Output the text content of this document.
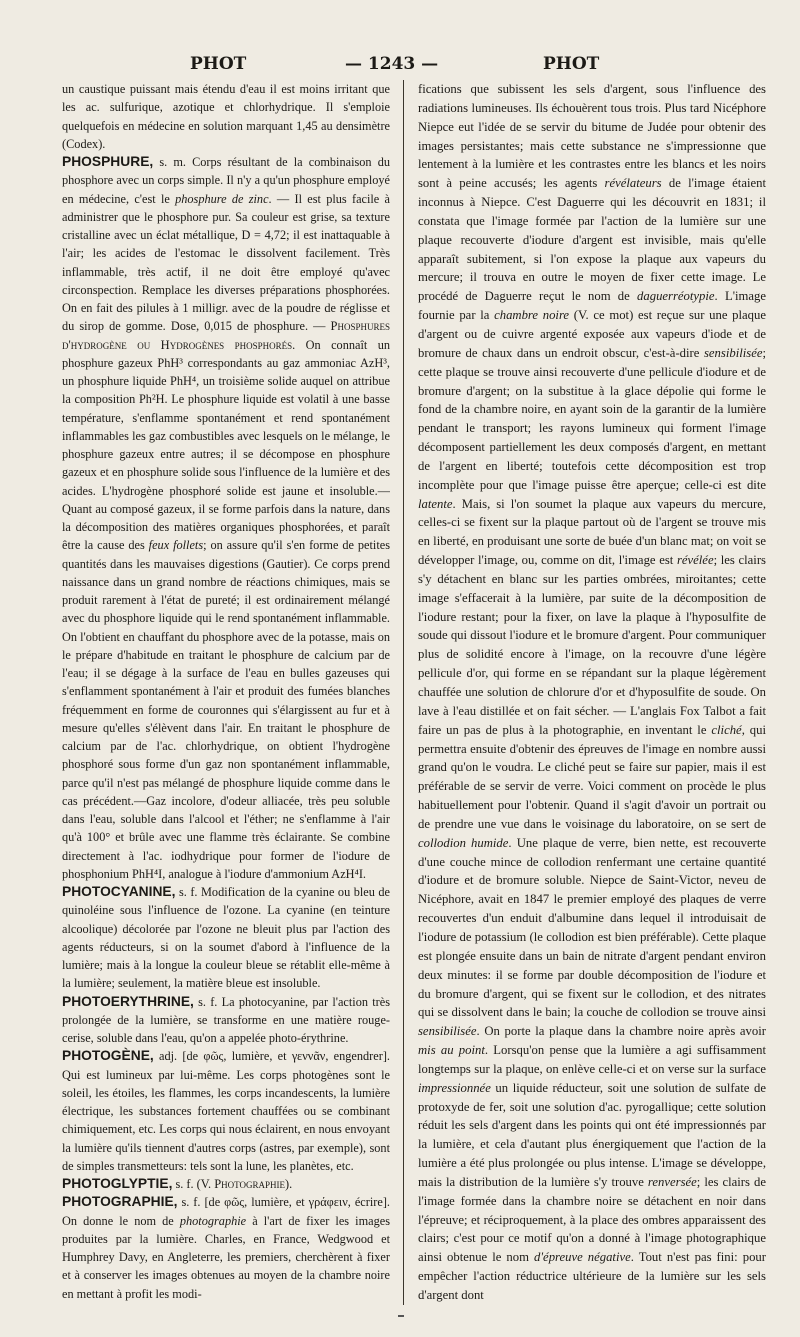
PHOT	— 1243 —	PHOT

un caustique puissant mais étendu d'eau il est moins irritant que les ac. sulfurique, azotique et chlorhydrique. Il s'emploie quelquefois en médecine en solution marquant 1,45 au densimètre (Codex).

PHOSPHURE, s. m. Corps résultant de la combinaison du phosphore avec un corps simple. Il n'y a qu'un phosphure employé en médecine, c'est le phosphure de zinc. — Il est plus facile à administrer que le phosphore pur. Sa couleur est grise, sa texture cristalline avec un éclat métallique, D = 4,72; il est inattaquable à l'air; les acides de l'estomac le dissolvent facilement. Très inflammable, très actif, il ne doit être employé qu'avec circonspection. Remplace les diverses préparations phosphorées. On en fait des pilules à 1 milligr. avec de la poudre de réglisse et du sirop de gomme. Dose, 0,015 de phosphure. — Phosphures d'hydrogène ou Hydrogènes phosphorés. On connaît un phosphure gazeux PhH³ correspondants au gaz ammoniac AzH³, un phosphure liquide PhH⁴, un troisième solide auquel on attribue la composition Ph²H. Le phosphure liquide est volatil à une basse température, s'enflamme spontanément et rend spontanément inflammables les gaz combustibles avec lesquels on le mélange, le phosphure gazeux entre autres; il se décompose en phosphure gazeux et en phosphure solide sous l'influence de la lumière et des acides. L'hydrogène phosphoré solide est jaune et insoluble.—Quant au composé gazeux, il se forme parfois dans la nature, dans la décomposition des matières organiques phosphorées, et paraît être la cause des feux follets; on assure qu'il s'en forme de petites quantités dans les mauvaises digestions (Gautier). Ce corps prend naissance dans un grand nombre de réactions chimiques, mais se produit rarement à l'état de pureté; il est ordinairement mélangé avec du phosphore liquide qui le rend spontanément inflammable. On l'obtient en chauffant du phosphore avec de la potasse, mais on le prépare d'habitude en traitant le phosphure de calcium par de l'eau; il se dégage à la surface de l'eau en bulles gazeuses qui s'enflamment spontanément à l'air et produit des fumées blanches fréquemment en forme de couronnes qui s'élargissent au fur et à mesure qu'elles s'élèvent dans l'air. En traitant le phosphure de calcium par de l'ac. chlorhydrique, on obtient l'hydrogène phosphoré sous forme d'un gaz non spontanément inflammable, parce qu'il n'est pas mélangé de phosphure liquide comme dans le cas précédent.—Gaz incolore, d'odeur alliacée, très peu soluble dans l'eau, soluble dans l'alcool et l'éther; ne s'enflamme à l'air qu'à 100° et brûle avec une flamme très éclairante. Se combine directement à l'ac. iodhydrique pour former de l'iodure de phosphonium PhH⁴I, analogue à l'iodure d'ammonium AzH⁴I.

PHOTOCYANINE, s. f. Modification de la cyanine ou bleu de quinoléine sous l'influence de l'ozone. La cyanine (en teinture alcoolique) décolorée par l'ozone ne bleuit plus par l'action des agents réducteurs, si on la soumet d'abord à l'influence de la lumière; mais à la longue la couleur bleue se rétablit elle-même à la lumière; seulement, la matière bleue est insoluble.

PHOTOERYTHRINE, s. f. La photocyanine, par l'action très prolongée de la lumière, se transforme en une matière rouge-cerise, soluble dans l'eau, qu'on a appelée photo-érythrine.

PHOTOGÈNE, adj. [de φῶς, lumière, et γεννᾶν, engendrer]. Qui est lumineux par lui-même. Les corps photogènes sont le soleil, les étoiles, les flammes, les corps incandescents, la lumière électrique, les substances fortement chauffées ou se combinant chimiquement, etc. Les corps qui nous éclairent, en nous envoyant la lumière qu'ils tiennent d'autres corps (astres, par exemple), sont de simples transmetteurs: tels sont la lune, les planètes, etc.

PHOTOGLYPTIE, s. f. (V. Photographie).

PHOTOGRAPHIE, s. f. [de φῶς, lumière, et γράφειν, écrire]. On donne le nom de photographie à l'art de fixer les images produites par la lumière. Charles, en France, Wedgwood et Humphrey Davy, en Angleterre, les premiers, cherchèrent à fixer et à conserver les images obtenues au moyen de la chambre noire en mettant à profit les modi-

fications que subissent les sels d'argent, sous l'influence des radiations lumineuses. Ils échouèrent tous trois. Plus tard Nicéphore Niepce eut l'idée de se servir du bitume de Judée pour obtenir des images persistantes; mais cette substance ne s'impressionne que lentement à la lumière et les contrastes entre les blancs et les noirs sont à peine accusés; les agents révélateurs de l'image étaient inconnus à Niepce. C'est Daguerre qui les découvrit en 1831; il constata que l'image formée par l'action de la lumière sur une plaque recouverte d'iodure d'argent est invisible, mais qu'elle apparaît subitement, si l'on expose la plaque aux vapeurs du mercure; il trouva en outre le moyen de fixer cette image. Le procédé de Daguerre reçut le nom de daguerréotypie. L'image fournie par la chambre noire (V. ce mot) est reçue sur une plaque d'argent ou de cuivre argenté exposée aux vapeurs d'iode et de bromure de chaux dans un endroit obscur, c'est-à-dire sensibilisée; cette plaque se trouve ainsi recouverte d'une pellicule d'iodure et de bromure d'argent; on la substitue à la glace dépolie qui forme le fond de la chambre noire, en ayant soin de la garantir de la lumière pendant le transport; les rayons lumineux qui forment l'image décomposent partiellement les deux composés d'argent, en mettant de l'argent en liberté; toutefois cette décomposition est trop incomplète pour que l'image puisse être aperçue; celle-ci est dite latente. Mais, si l'on soumet la plaque aux vapeurs du mercure, celles-ci se fixent sur la plaque partout où de l'argent se trouve mis en liberté, en produisant une sorte de buée d'un blanc mat; on voit se développer l'image, ou, comme on dit, l'image est révélée; les clairs s'y détachent en blanc sur les parties ombrées, miroitantes; cette image s'effacerait à la lumière, par suite de la décomposition de l'iodure restant; pour la fixer, on lave la plaque à l'hyposulfite de soude qui dissout l'iodure et le bromure d'argent. Pour communiquer plus de solidité encore à l'image, on la recouvre d'une légère pellicule d'or, qui forme en se répandant sur la plaque légèrement chauffée une solution de chlorure d'or et d'hyposulfite de soude. On lave à l'eau distillée et on fait sécher. — L'anglais Fox Talbot a fait faire un pas de plus à la photographie, en inventant le cliché, qui permettra ensuite d'obtenir des épreuves de l'image en nombre aussi grand qu'on le voudra. Le cliché peut se faire sur papier, mais il est préférable de se servir de verre. Voici comment on procède le plus habituellement pour l'obtenir. Quand il s'agit d'avoir un portrait ou de prendre une vue dans le voisinage du laboratoire, on se sert de collodion humide. Une plaque de verre, bien nette, est recouverte d'une couche mince de collodion renfermant une certaine quantité d'iodure et de bromure soluble. Niepce de Saint-Victor, neveu de Nicéphore, avait en 1847 le premier employé des plaques de verre recouvertes d'un enduit d'albumine dans lequel il introduisait de l'iodure de potassium (le collodion est bien préférable). Cette plaque est plongée ensuite dans un bain de nitrate d'argent pendant environ deux minutes: il se forme par double décomposition de l'iodure et du bromure d'argent, qui se fixent sur le collodion, et des nitrates qui se dissolvent dans le bain; la couche de collodion se trouve ainsi sensibilisée. On porte la plaque dans la chambre noire après avoir mis au point. Lorsqu'on pense que la lumière a agi suffisamment longtemps sur la plaque, on enlève celle-ci et on verse sur la surface impressionnée un liquide réducteur, soit une solution de sulfate de protoxyde de fer, soit une solution d'ac. pyrogallique; cette solution réduit les sels d'argent dans les points qui ont été impressionnés par la lumière, et cela d'autant plus énergiquement que l'action de la lumière a été plus prolongée ou plus intense. L'image se développe, mais la distribution de la lumière s'y trouve renversée; les clairs de l'image formée dans la chambre noire se détachent en noir dans l'épreuve; et réciproquement, à la place des ombres apparaissent des clairs; c'est pour ce motif qu'on a donné à l'image photographique ainsi obtenue le nom d'épreuve négative. Tout n'est pas fini: pour empêcher l'action réductrice ultérieure de la lumière sur les sels d'argent dont
